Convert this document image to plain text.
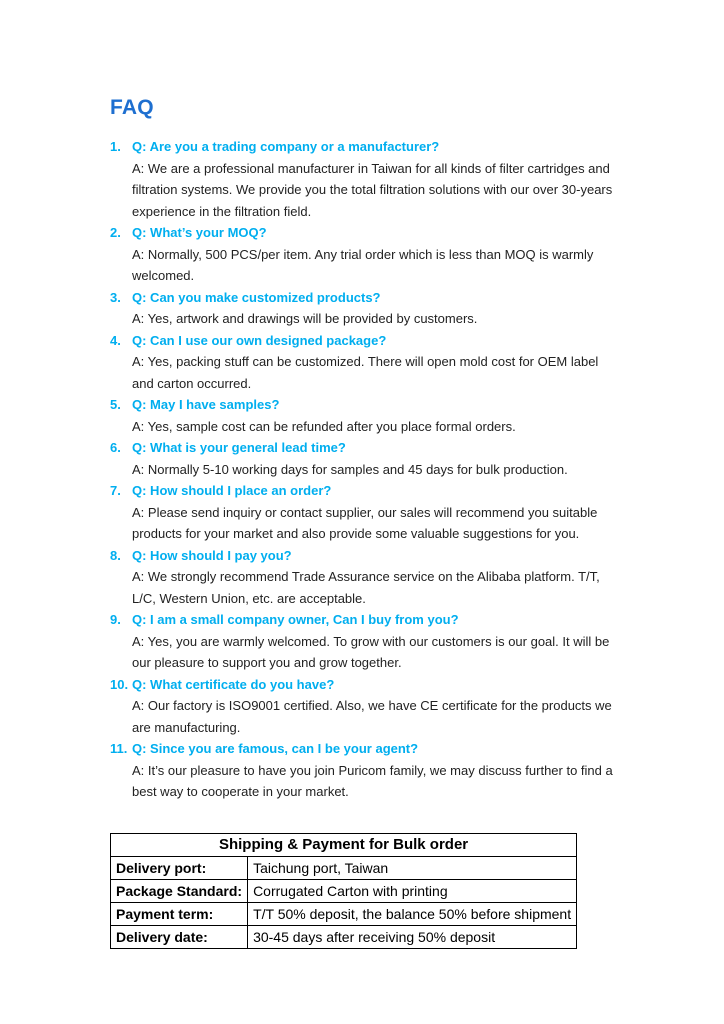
FAQ
1. Q: Are you a trading company or a manufacturer?
A: We are a professional manufacturer in Taiwan for all kinds of filter cartridges and filtration systems. We provide you the total filtration solutions with our over 30-years experience in the filtration field.
2. Q: What’s your MOQ?
A: Normally, 500 PCS/per item. Any trial order which is less than MOQ is warmly welcomed.
3. Q: Can you make customized products?
A: Yes, artwork and drawings will be provided by customers.
4. Q: Can I use our own designed package?
A: Yes, packing stuff can be customized. There will open mold cost for OEM label and carton occurred.
5. Q: May I have samples?
A: Yes, sample cost can be refunded after you place formal orders.
6. Q: What is your general lead time?
A: Normally 5-10 working days for samples and 45 days for bulk production.
7. Q: How should I place an order?
A: Please send inquiry or contact supplier, our sales will recommend you suitable products for your market and also provide some valuable suggestions for you.
8. Q: How should I pay you?
A: We strongly recommend Trade Assurance service on the Alibaba platform. T/T, L/C, Western Union, etc. are acceptable.
9. Q: I am a small company owner, Can I buy from you?
A: Yes, you are warmly welcomed. To grow with our customers is our goal. It will be our pleasure to support you and grow together.
10. Q: What certificate do you have?
A: Our factory is ISO9001 certified. Also, we have CE certificate for the products we are manufacturing.
11. Q: Since you are famous, can I be your agent?
A: It’s our pleasure to have you join Puricom family, we may discuss further to find a best way to cooperate in your market.
Shipping & Payment for Bulk order	
Delivery port:	Taichung port, Taiwan
Package Standard:	Corrugated Carton with printing
Payment term:	T/T 50% deposit, the balance 50% before shipment
Delivery date:	30-45 days after receiving 50% deposit
